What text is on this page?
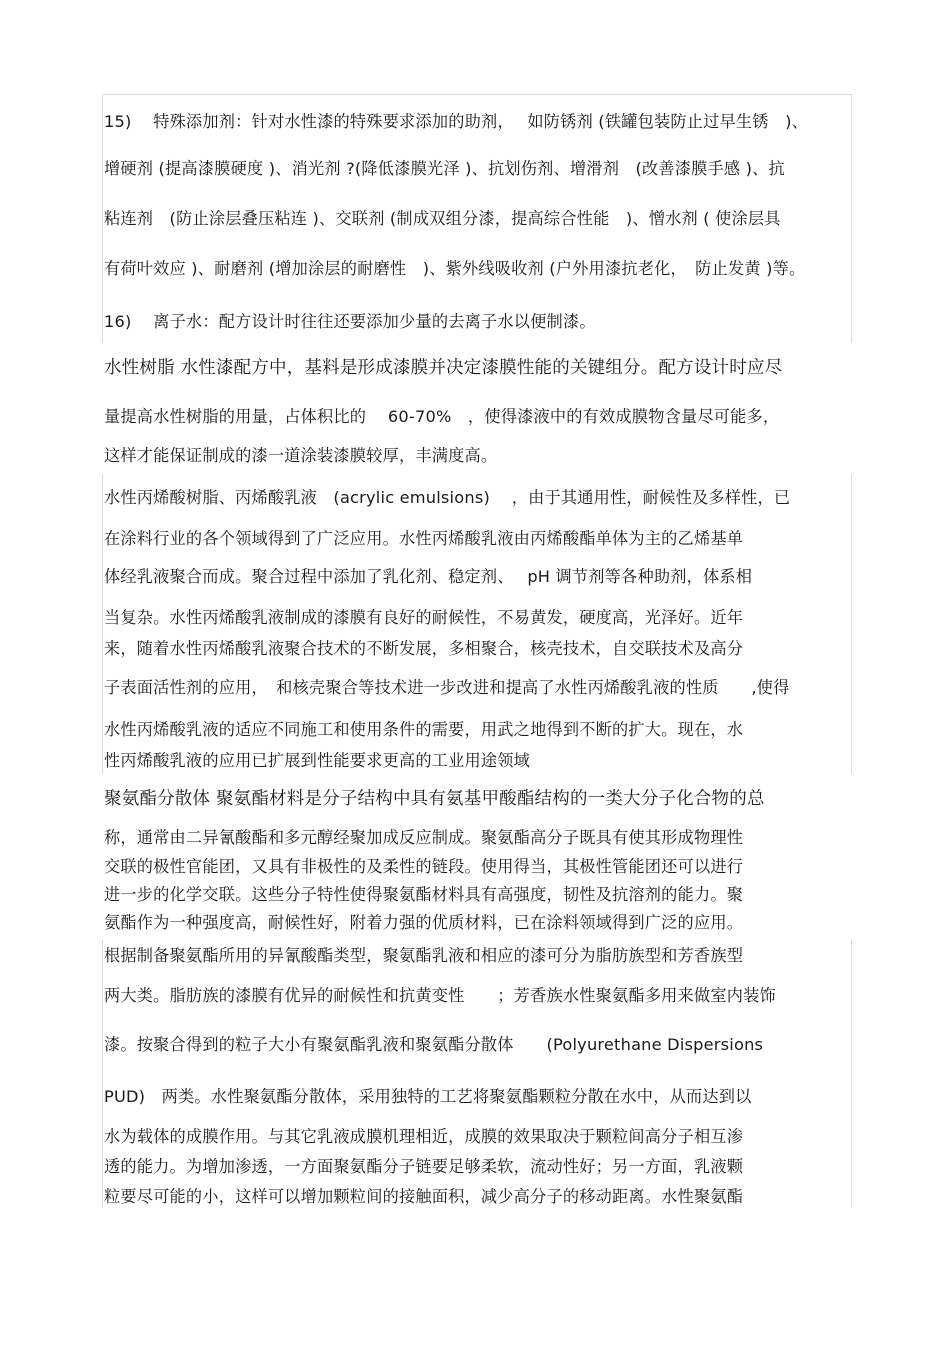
15)　 特殊添加剂：针对水性漆的特殊要求添加的助剂，　 如防锈剂 (铁罐包装防止过早生锈　)、
增硬剂 (提高漆膜硬度 )、消光剂 ?(降低漆膜光泽 )、抗划伤剂、增滑剂　(改善漆膜手感 )、抗
粘连剂　(防止涂层叠压粘连 )、交联剂 (制成双组分漆，提高综合性能　)、憎水剂 ( 使涂层具
有荷叶效应 )、耐磨剂 (增加涂层的耐磨性　)、紫外线吸收剂 (户外用漆抗老化，　防止发黄 )等。
16)　 离子水：配方设计时往往还要添加少量的去离子水以便制漆。
水性树脂 水性漆配方中，基料是形成漆膜并决定漆膜性能的关键组分。配方设计时应尽
量提高水性树脂的用量，占体积比的　 60-70%　，使得漆液中的有效成膜物含量尽可能多，
这样才能保证制成的漆一道涂装漆膜较厚，丰满度高。
水性丙烯酸树脂、丙烯酸乳液　(acrylic emulsions)　 ，由于其通用性，耐候性及多样性，已
在涂料行业的各个领域得到了广泛应用。水性丙烯酸乳液由丙烯酸酯单体为主的乙烯基单
体经乳液聚合而成。聚合过程中添加了乳化剂、稳定剂、　 pH 调节剂等各种助剂，体系相
当复杂。水性丙烯酸乳液制成的漆膜有良好的耐候性，不易黄发，硬度高，光泽好。近年
来，随着水性丙烯酸乳液聚合技术的不断发展，多相聚合，核壳技术，自交联技术及高分
子表面活性剂的应用，　和核壳聚合等技术进一步改进和提高了水性丙烯酸乳液的性质　　,使得
水性丙烯酸乳液的适应不同施工和使用条件的需要，用武之地得到不断的扩大。现在，水
性丙烯酸乳液的应用已扩展到性能要求更高的工业用途领域
聚氨酯分散体 聚氨酯材料是分子结构中具有氨基甲酸酯结构的一类大分子化合物的总
称，通常由二异氰酸酯和多元醇经聚加成反应制成。聚氨酯高分子既具有使其形成物理性
交联的极性官能团，又具有非极性的及柔性的链段。使用得当，其极性管能团还可以进行
进一步的化学交联。这些分子特性使得聚氨酯材料具有高强度，韧性及抗溶剂的能力。聚
氨酯作为一种强度高，耐候性好，附着力强的优质材料，已在涂料领域得到广泛的应用。
根据制备聚氨酯所用的异氰酸酯类型，聚氨酯乳液和相应的漆可分为脂肪族型和芳香族型
两大类。脂肪族的漆膜有优异的耐候性和抗黄变性　　；芳香族水性聚氨酯多用来做室内装饰
漆。按聚合得到的粒子大小有聚氨酯乳液和聚氨酯分散体　　(Polyurethane Dispersions
PUD)　两类。水性聚氨酯分散体，采用独特的工艺将聚氨酯颗粒分散在水中，从而达到以
水为载体的成膜作用。与其它乳液成膜机理相近，成膜的效果取决于颗粒间高分子相互渗
透的能力。为增加渗透，一方面聚氨酯分子链要足够柔软，流动性好；另一方面，乳液颗
粒要尽可能的小，这样可以增加颗粒间的接触面积，减少高分子的移动距离。水性聚氨酯
